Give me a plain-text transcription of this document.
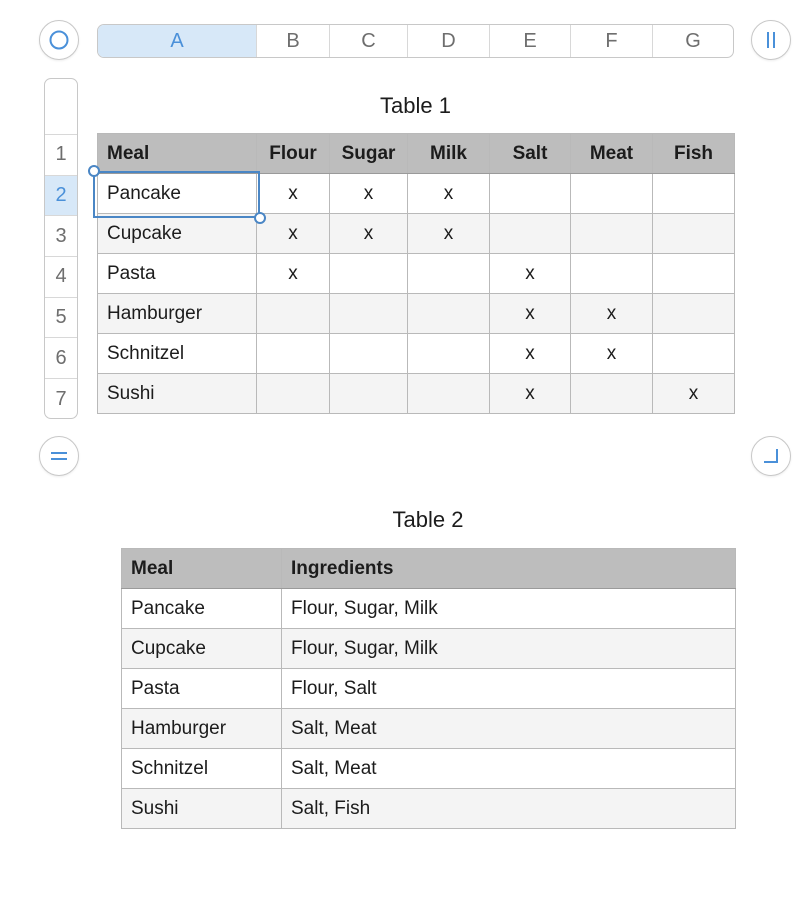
A	B	C	D	E	F	G
1
2
3
4
5
6
7
Table 1
Meal	Flour	Sugar	Milk	Salt	Meat	Fish
Pancake	x	x	x			
Cupcake	x	x	x			
Pasta	x			x		
Hamburger				x	x	
Schnitzel				x	x	
Sushi				x		x
Table 2
Meal	Ingredients
Pancake	Flour, Sugar, Milk
Cupcake	Flour, Sugar, Milk
Pasta	Flour, Salt
Hamburger	Salt, Meat
Schnitzel	Salt, Meat
Sushi	Salt, Fish
